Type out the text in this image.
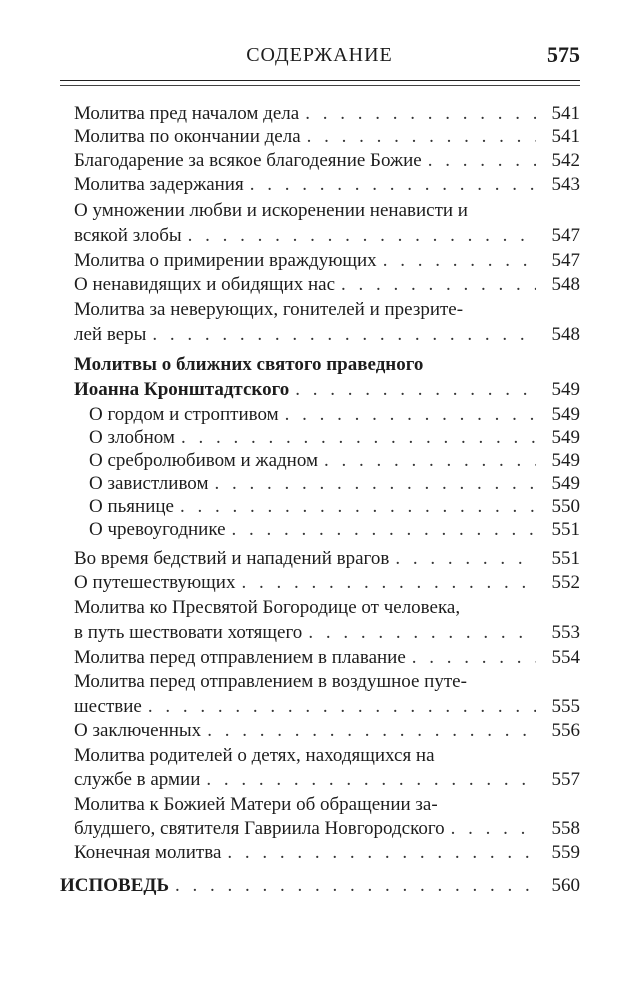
СОДЕРЖАНИЕ	575
Молитва пред началом дела . . .	541
Молитва по окончании дела . . .	541
Благодарение за всякое благодеяние Божие . . .	542
Молитва задержания . . .	543
О умножении любви и искоренении ненависти и
всякой злобы . . .	547
Молитва о примирении враждующих . . .	547
О ненавидящих и обидящих нас . . .	548
Молитва за неверующих, гонителей и презрите-
лей веры . . .	548
Молитвы о ближних святого праведного
Иоанна Кронштадтского . . .	549
О гордом и строптивом . . .	549
О злобном . . .	549
О сребролюбивом и жадном . . .	549
О завистливом . . .	549
О пьянице . . .	550
О чревоугоднике . . .	551
Во время бедствий и нападений врагов . . .	551
О путешествующих . . .	552
Молитва ко Пресвятой Богородице от человека,
в путь шествовати хотящего . . .	553
Молитва перед отправлением в плавание . . .	554
Молитва перед отправлением в воздушное путе-
шествие . . .	555
О заключенных . . .	556
Молитва родителей о детях, находящихся на
службе в армии . . .	557
Молитва к Божией Матери об обращении за-
блудшего, святителя Гавриила Новгородского . . .	558
Конечная молитва . . .	559
ИСПОВЕДЬ . . .	560
